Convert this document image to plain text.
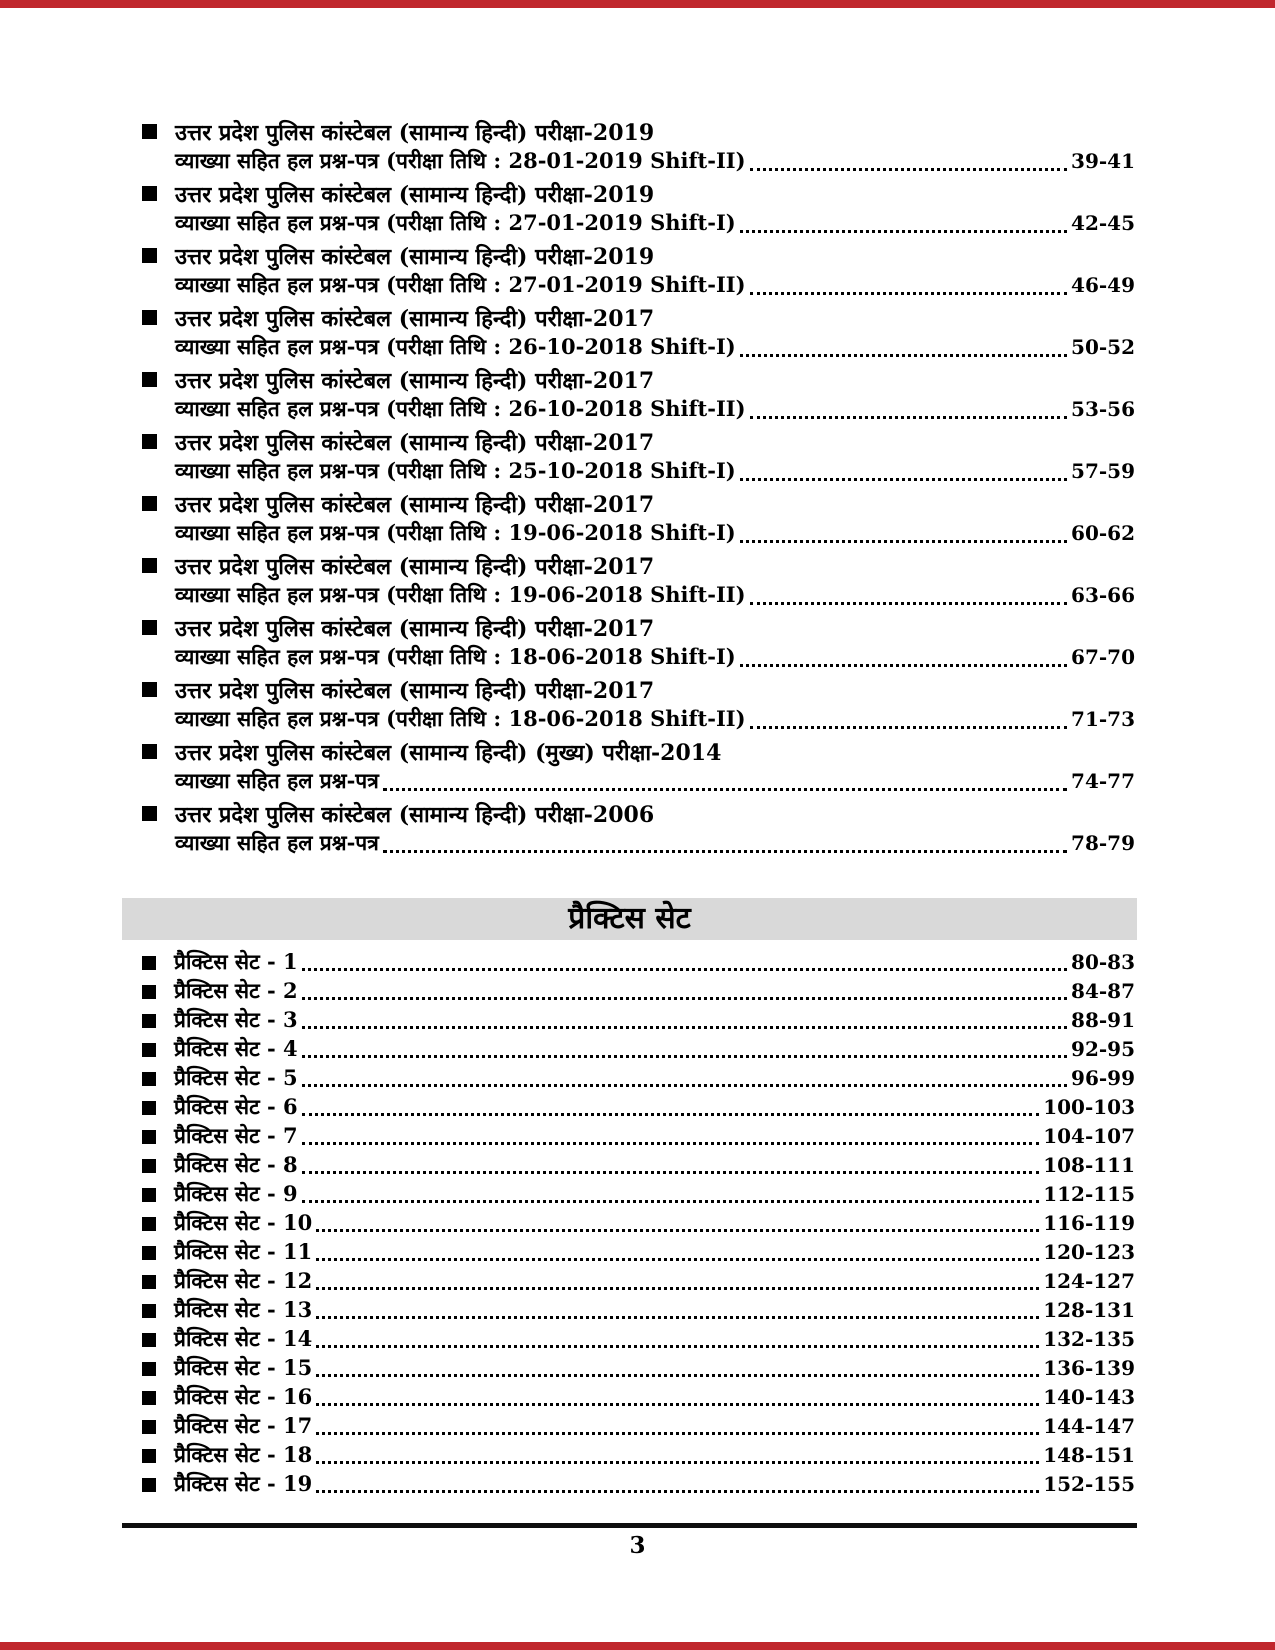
उत्तर प्रदेश पुलिस कांस्टेबल (सामान्य हिन्दी) परीक्षा-2019
व्याख्या सहित हल प्रश्न-पत्र (परीक्षा तिथि : 28-01-2019 Shift-II)	39-41
उत्तर प्रदेश पुलिस कांस्टेबल (सामान्य हिन्दी) परीक्षा-2019
व्याख्या सहित हल प्रश्न-पत्र (परीक्षा तिथि : 27-01-2019 Shift-I)	42-45
उत्तर प्रदेश पुलिस कांस्टेबल (सामान्य हिन्दी) परीक्षा-2019
व्याख्या सहित हल प्रश्न-पत्र (परीक्षा तिथि : 27-01-2019 Shift-II)	46-49
उत्तर प्रदेश पुलिस कांस्टेबल (सामान्य हिन्दी) परीक्षा-2017
व्याख्या सहित हल प्रश्न-पत्र (परीक्षा तिथि : 26-10-2018 Shift-I)	50-52
उत्तर प्रदेश पुलिस कांस्टेबल (सामान्य हिन्दी) परीक्षा-2017
व्याख्या सहित हल प्रश्न-पत्र (परीक्षा तिथि : 26-10-2018 Shift-II)	53-56
उत्तर प्रदेश पुलिस कांस्टेबल (सामान्य हिन्दी) परीक्षा-2017
व्याख्या सहित हल प्रश्न-पत्र (परीक्षा तिथि : 25-10-2018 Shift-I)	57-59
उत्तर प्रदेश पुलिस कांस्टेबल (सामान्य हिन्दी) परीक्षा-2017
व्याख्या सहित हल प्रश्न-पत्र (परीक्षा तिथि : 19-06-2018 Shift-I)	60-62
उत्तर प्रदेश पुलिस कांस्टेबल (सामान्य हिन्दी) परीक्षा-2017
व्याख्या सहित हल प्रश्न-पत्र (परीक्षा तिथि : 19-06-2018 Shift-II)	63-66
उत्तर प्रदेश पुलिस कांस्टेबल (सामान्य हिन्दी) परीक्षा-2017
व्याख्या सहित हल प्रश्न-पत्र (परीक्षा तिथि : 18-06-2018 Shift-I)	67-70
उत्तर प्रदेश पुलिस कांस्टेबल (सामान्य हिन्दी) परीक्षा-2017
व्याख्या सहित हल प्रश्न-पत्र (परीक्षा तिथि : 18-06-2018 Shift-II)	71-73
उत्तर प्रदेश पुलिस कांस्टेबल (सामान्य हिन्दी) (मुख्य) परीक्षा-2014
व्याख्या सहित हल प्रश्न-पत्र	74-77
उत्तर प्रदेश पुलिस कांस्टेबल (सामान्य हिन्दी) परीक्षा-2006
व्याख्या सहित हल प्रश्न-पत्र	78-79
प्रैक्टिस सेट
प्रैक्टिस सेट - 1	80-83
प्रैक्टिस सेट - 2	84-87
प्रैक्टिस सेट - 3	88-91
प्रैक्टिस सेट - 4	92-95
प्रैक्टिस सेट - 5	96-99
प्रैक्टिस सेट - 6	100-103
प्रैक्टिस सेट - 7	104-107
प्रैक्टिस सेट - 8	108-111
प्रैक्टिस सेट - 9	112-115
प्रैक्टिस सेट - 10	116-119
प्रैक्टिस सेट - 11	120-123
प्रैक्टिस सेट - 12	124-127
प्रैक्टिस सेट - 13	128-131
प्रैक्टिस सेट - 14	132-135
प्रैक्टिस सेट - 15	136-139
प्रैक्टिस सेट - 16	140-143
प्रैक्टिस सेट - 17	144-147
प्रैक्टिस सेट - 18	148-151
प्रैक्टिस सेट - 19	152-155
3
